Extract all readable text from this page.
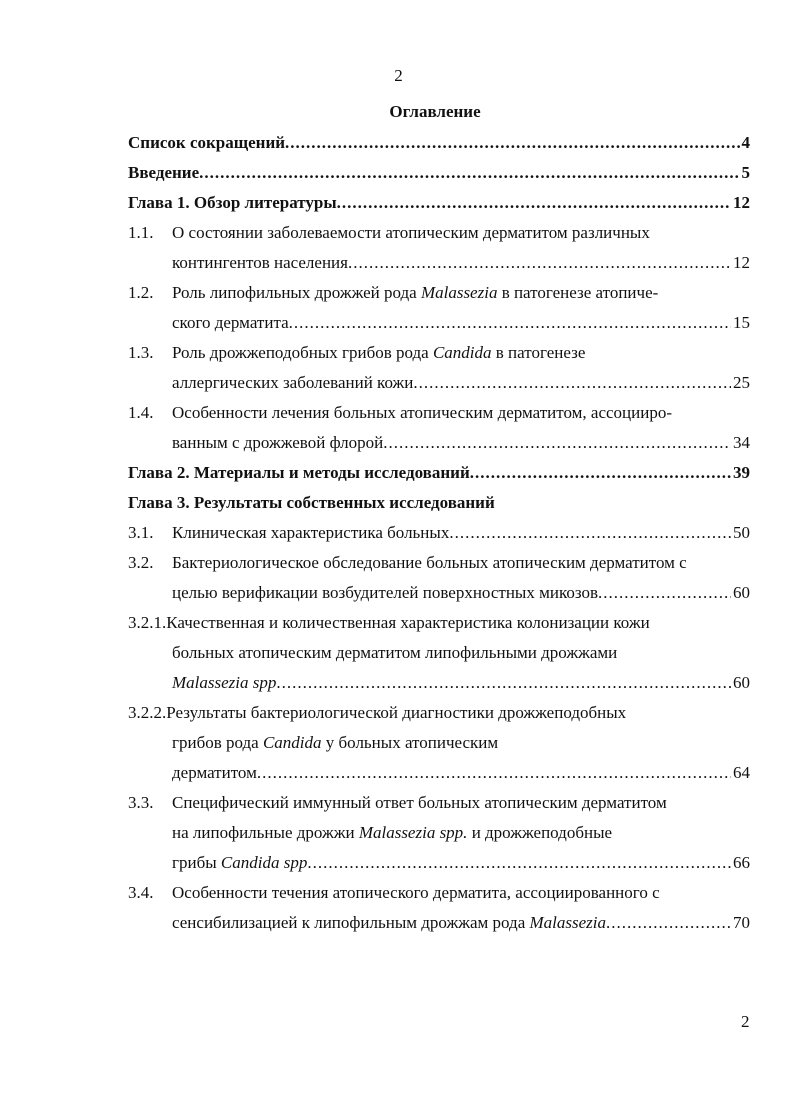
2
Оглавление
Список сокращений .....	4
Введение .....	5
Глава 1. Обзор литературы .....	12
1.1. О состоянии заболеваемости атопическим дерматитом различных
контингентов населения .....	12
1.2. Роль липофильных дрожжей рода Malassezia в патогенезе атопиче-
ского дерматита .....	15
1.3. Роль дрожжеподобных грибов рода Candida в патогенезе
аллергических заболеваний кожи .....	25
1.4. Особенности лечения больных атопическим дерматитом, ассоцииро-
ванным с дрожжевой флорой .....	34
Глава 2. Материалы и методы исследований .....	39
Глава 3. Результаты собственных исследований
3.1.	Клиническая характеристика больных .....	50
3.2. Бактериологическое обследование больных атопическим дерматитом с
целью верификации возбудителей поверхностных микозов .....	60
3.2.1.Качественная и количественная характеристика колонизации кожи
больных атопическим дерматитом липофильными дрожжами
Malassezia spp .....	60
3.2.2.Результаты бактериологической диагностики дрожжеподобных
грибов рода Candida у больных атопическим
дерматитом .....	64
3.3. Специфический иммунный ответ больных атопическим дерматитом
на липофильные дрожжи Malassezia spp. и дрожжеподобные
грибы Candida spp .....	66
3.4. Особенности течения атопического дерматита, ассоциированного с
сенсибилизацией к липофильным дрожжам рода Malassezia .....	70
2
